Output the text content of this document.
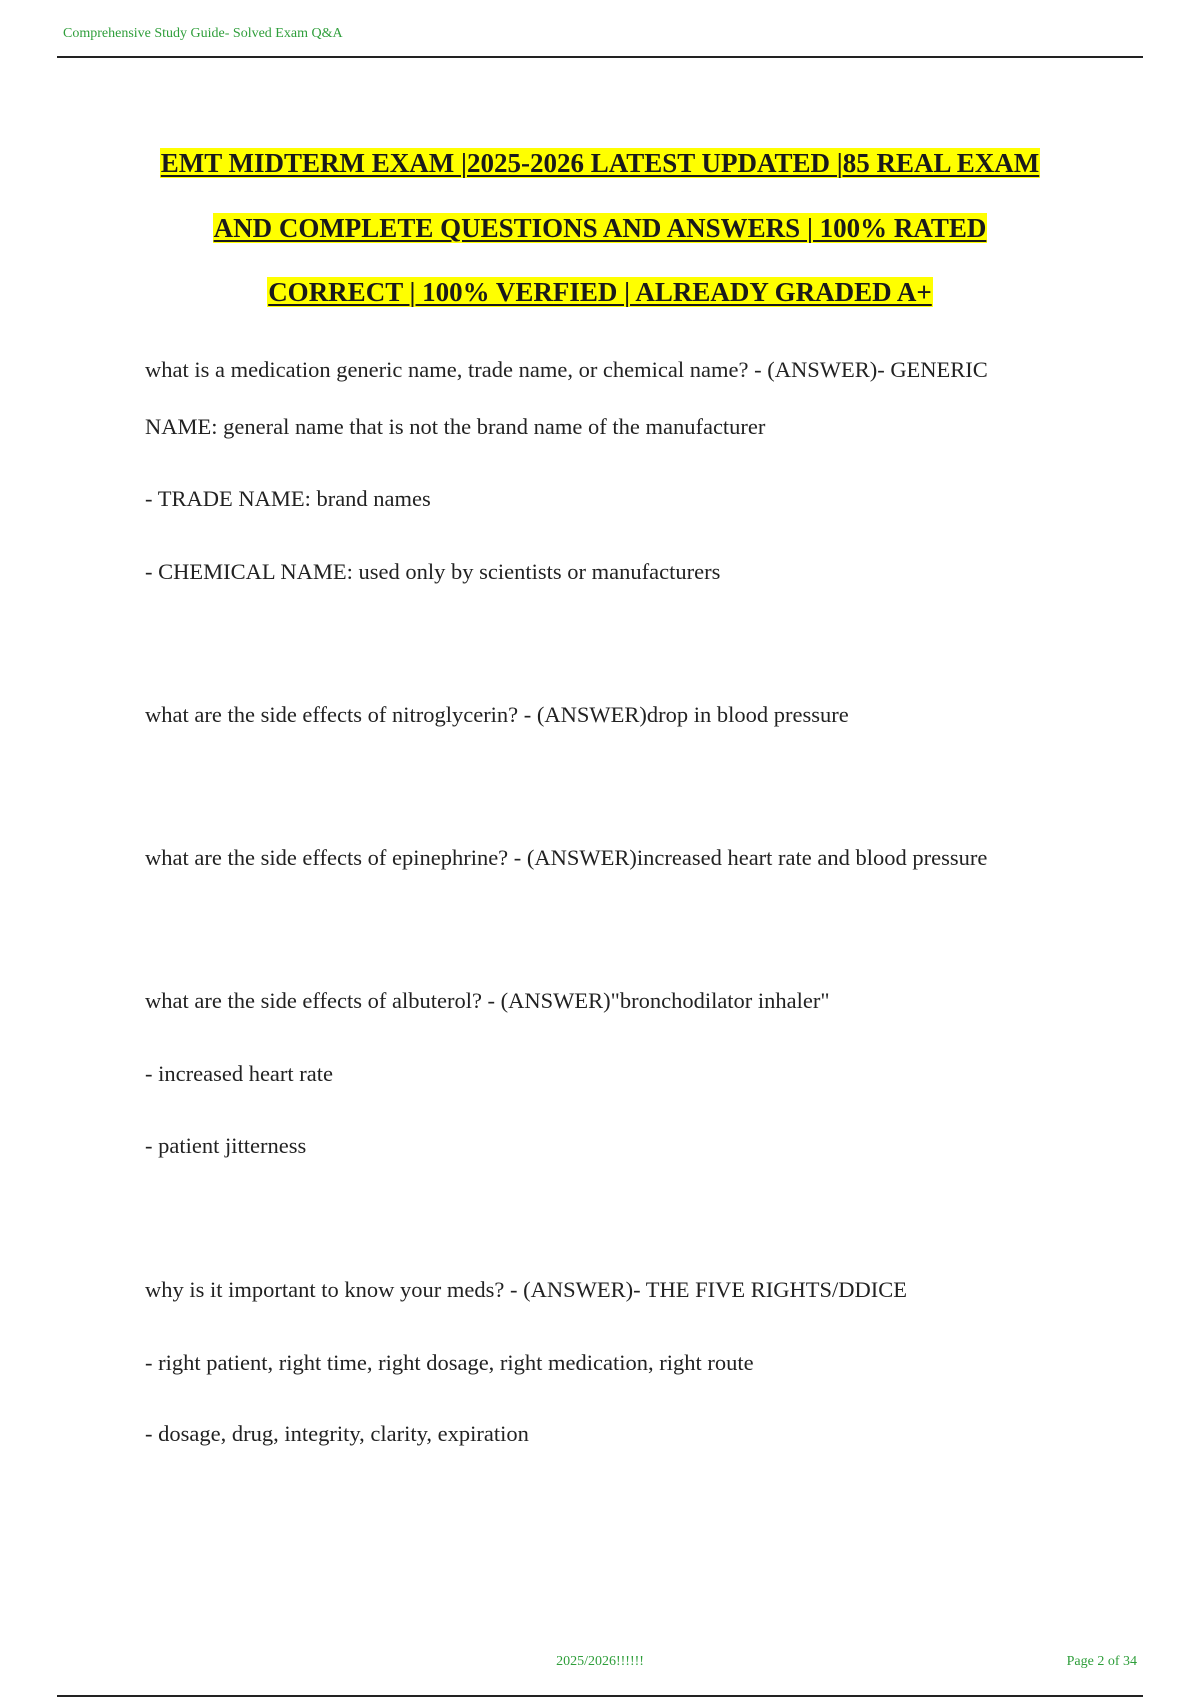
Comprehensive Study Guide- Solved Exam Q&A
EMT MIDTERM EXAM |2025-2026 LATEST UPDATED |85 REAL EXAM
AND COMPLETE QUESTIONS AND ANSWERS | 100% RATED
CORRECT | 100% VERFIED | ALREADY GRADED A+
what is a medication generic name, trade name, or chemical name? - (ANSWER)- GENERIC
NAME: general name that is not the brand name of the manufacturer
- TRADE NAME: brand names
- CHEMICAL NAME: used only by scientists or manufacturers
what are the side effects of nitroglycerin? - (ANSWER)drop in blood pressure
what are the side effects of epinephrine? - (ANSWER)increased heart rate and blood pressure
what are the side effects of albuterol? - (ANSWER)"bronchodilator inhaler"
- increased heart rate
- patient jitterness
why is it important to know your meds? - (ANSWER)- THE FIVE RIGHTS/DDICE
- right patient, right time, right dosage, right medication, right route
- dosage, drug, integrity, clarity, expiration
2025/2026!!!!!!	Page 2 of 34
